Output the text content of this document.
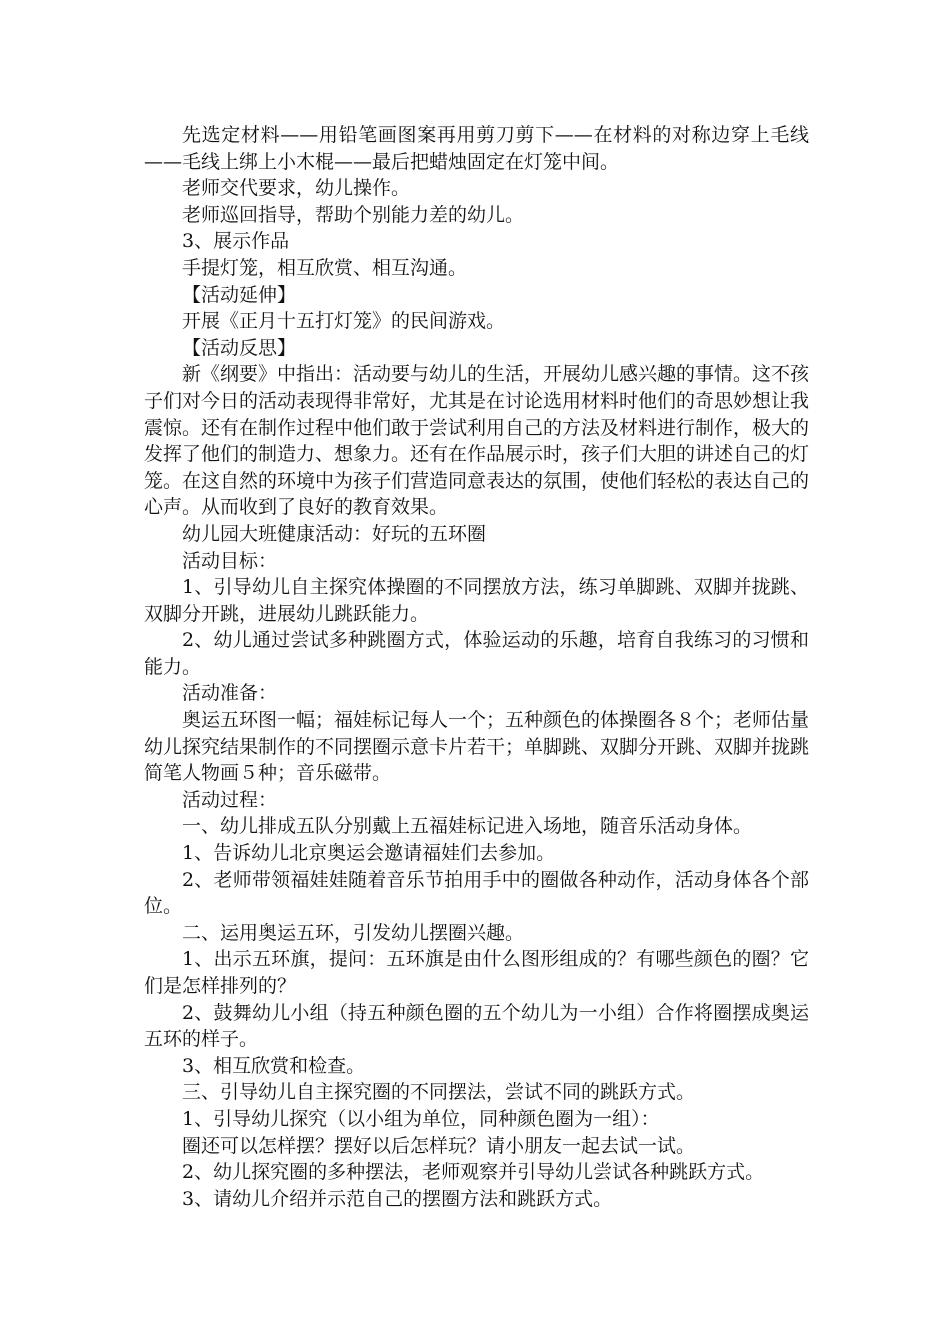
先选定材料——用铅笔画图案再用剪刀剪下——在材料的对称边穿上毛线——毛线上绑上小木棍——最后把蜡烛固定在灯笼中间。

老师交代要求，幼儿操作。

老师巡回指导，帮助个别能力差的幼儿。

3、展示作品

手提灯笼，相互欣赏、相互沟通。

【活动延伸】

开展《正月十五打灯笼》的民间游戏。

【活动反思】

新《纲要》中指出：活动要与幼儿的生活，开展幼儿感兴趣的事情。这不孩子们对今日的活动表现得非常好，尤其是在讨论选用材料时他们的奇思妙想让我震惊。还有在制作过程中他们敢于尝试利用自己的方法及材料进行制作，极大的发挥了他们的制造力、想象力。还有在作品展示时，孩子们大胆的讲述自己的灯笼。在这自然的环境中为孩子们营造同意表达的氛围，使他们轻松的表达自己的心声。从而收到了良好的教育效果。

幼儿园大班健康活动：好玩的五环圈

活动目标：

1、引导幼儿自主探究体操圈的不同摆放方法，练习单脚跳、双脚并拢跳、双脚分开跳，进展幼儿跳跃能力。

2、幼儿通过尝试多种跳圈方式，体验运动的乐趣，培育自我练习的习惯和能力。

活动准备：

奥运五环图一幅；福娃标记每人一个；五种颜色的体操圈各８个；老师估量幼儿探究结果制作的不同摆圈示意卡片若干；单脚跳、双脚分开跳、双脚并拢跳简笔人物画５种；音乐磁带。

活动过程：

一、幼儿排成五队分别戴上五福娃标记进入场地，随音乐活动身体。

1、告诉幼儿北京奥运会邀请福娃们去参加。

2、老师带领福娃娃随着音乐节拍用手中的圈做各种动作，活动身体各个部位。

二、运用奥运五环，引发幼儿摆圈兴趣。

1、出示五环旗，提问：五环旗是由什么图形组成的？有哪些颜色的圈？它们是怎样排列的？

2、鼓舞幼儿小组（持五种颜色圈的五个幼儿为一小组）合作将圈摆成奥运五环的样子。

3、相互欣赏和检查。

三、引导幼儿自主探究圈的不同摆法，尝试不同的跳跃方式。

1、引导幼儿探究（以小组为单位，同种颜色圈为一组）：

圈还可以怎样摆？摆好以后怎样玩？请小朋友一起去试一试。

2、幼儿探究圈的多种摆法，老师观察并引导幼儿尝试各种跳跃方式。

3、请幼儿介绍并示范自己的摆圈方法和跳跃方式。
